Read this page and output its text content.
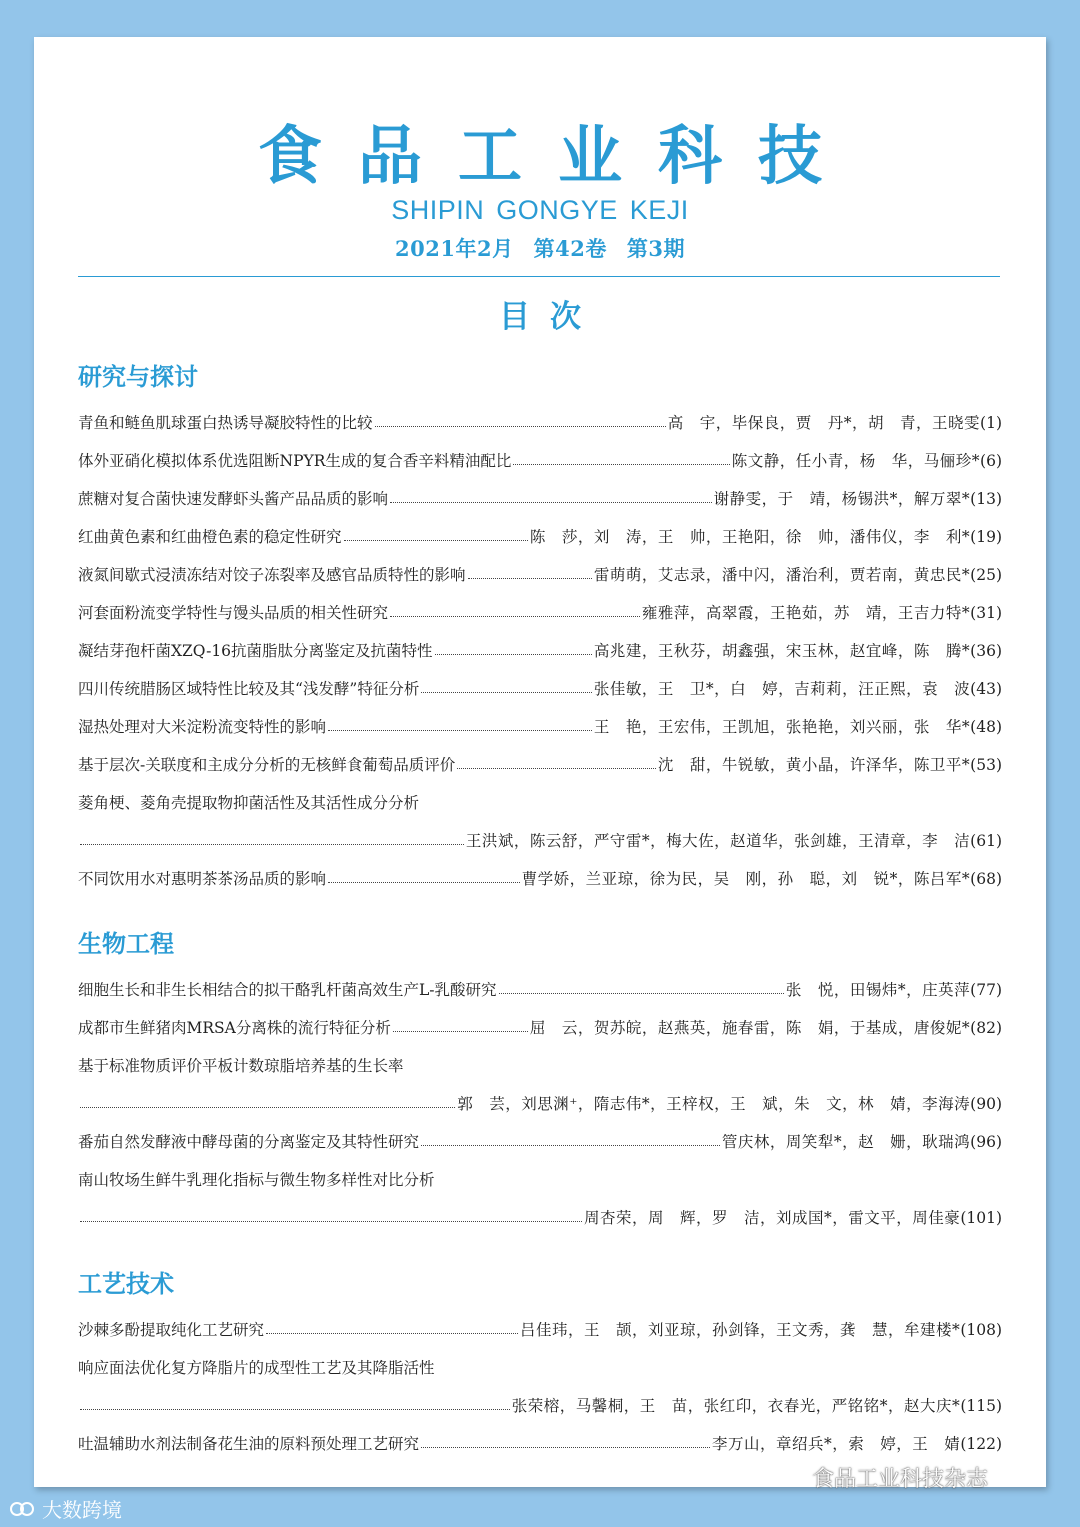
食品工业科技
SHIPIN GONGYE KEJI
2021年2月 第42卷 第3期
目次
研究与探讨
青鱼和鲢鱼肌球蛋白热诱导凝胶特性的比较	高　宇，毕保良，贾　丹*，胡　青，王晓雯 (1)
体外亚硝化模拟体系优选阻断NPYR生成的复合香辛料精油配比	陈文静，任小青，杨　华，马俪珍* (6)
蔗糖对复合菌快速发酵虾头酱产品品质的影响	谢静雯，于　靖，杨锡洪*，解万翠* (13)
红曲黄色素和红曲橙色素的稳定性研究	陈　莎，刘　涛，王　帅，王艳阳，徐　帅，潘伟仪，李　利* (19)
液氮间歇式浸渍冻结对饺子冻裂率及感官品质特性的影响	雷萌萌，艾志录，潘中闪，潘治利，贾若南，黄忠民* (25)
河套面粉流变学特性与馒头品质的相关性研究	雍雅萍，高翠霞，王艳茹，苏　靖，王吉力特* (31)
凝结芽孢杆菌XZQ-16抗菌脂肽分离鉴定及抗菌特性	高兆建，王秋芬，胡鑫强，宋玉林，赵宜峰，陈　腾* (36)
四川传统腊肠区域特性比较及其“浅发酵”特征分析	张佳敏，王　卫*，白　婷，吉莉莉，汪正熙，袁　波 (43)
湿热处理对大米淀粉流变特性的影响	王　艳，王宏伟，王凯旭，张艳艳，刘兴丽，张　华* (48)
基于层次-关联度和主成分分析的无核鲜食葡萄品质评价	沈　甜，牛锐敏，黄小晶，许泽华，陈卫平* (53)
菱角梗、菱角壳提取物抑菌活性及其活性成分分析
王洪斌，陈云舒，严守雷*，梅大佐，赵道华，张剑雄，王清章，李　洁 (61)
不同饮用水对惠明茶茶汤品质的影响	曹学娇，兰亚琼，徐为民，吴　刚，孙　聪，刘　锐*，陈吕军* (68)
生物工程
细胞生长和非生长相结合的拟干酪乳杆菌高效生产L-乳酸研究	张　悦，田锡炜*，庄英萍 (77)
成都市生鲜猪肉MRSA分离株的流行特征分析	屈　云，贺苏皖，赵燕英，施春雷，陈　娟，于基成，唐俊妮* (82)
基于标准物质评价平板计数琼脂培养基的生长率
郭　芸，刘思渊⁺，隋志伟*，王梓权，王　斌，朱　文，林　婧，李海涛 (90)
番茄自然发酵液中酵母菌的分离鉴定及其特性研究	管庆林，周笑犁*，赵　姗，耿瑞鸿 (96)
南山牧场生鲜牛乳理化指标与微生物多样性对比分析
周杏荣，周　辉，罗　洁，刘成国*，雷文平，周佳豪 (101)
工艺技术
沙棘多酚提取纯化工艺研究	吕佳玮，王　颉，刘亚琼，孙剑锋，王文秀，龚　慧，牟建楼* (108)
响应面法优化复方降脂片的成型性工艺及其降脂活性
张荣榕，马馨桐，王　苗，张红印，衣春光，严铭铭*，赵大庆* (115)
吐温辅助水剂法制备花生油的原料预处理工艺研究	李万山，章绍兵*，索　婷，王　婧 (122)
食品工业科技杂志
大数跨境
